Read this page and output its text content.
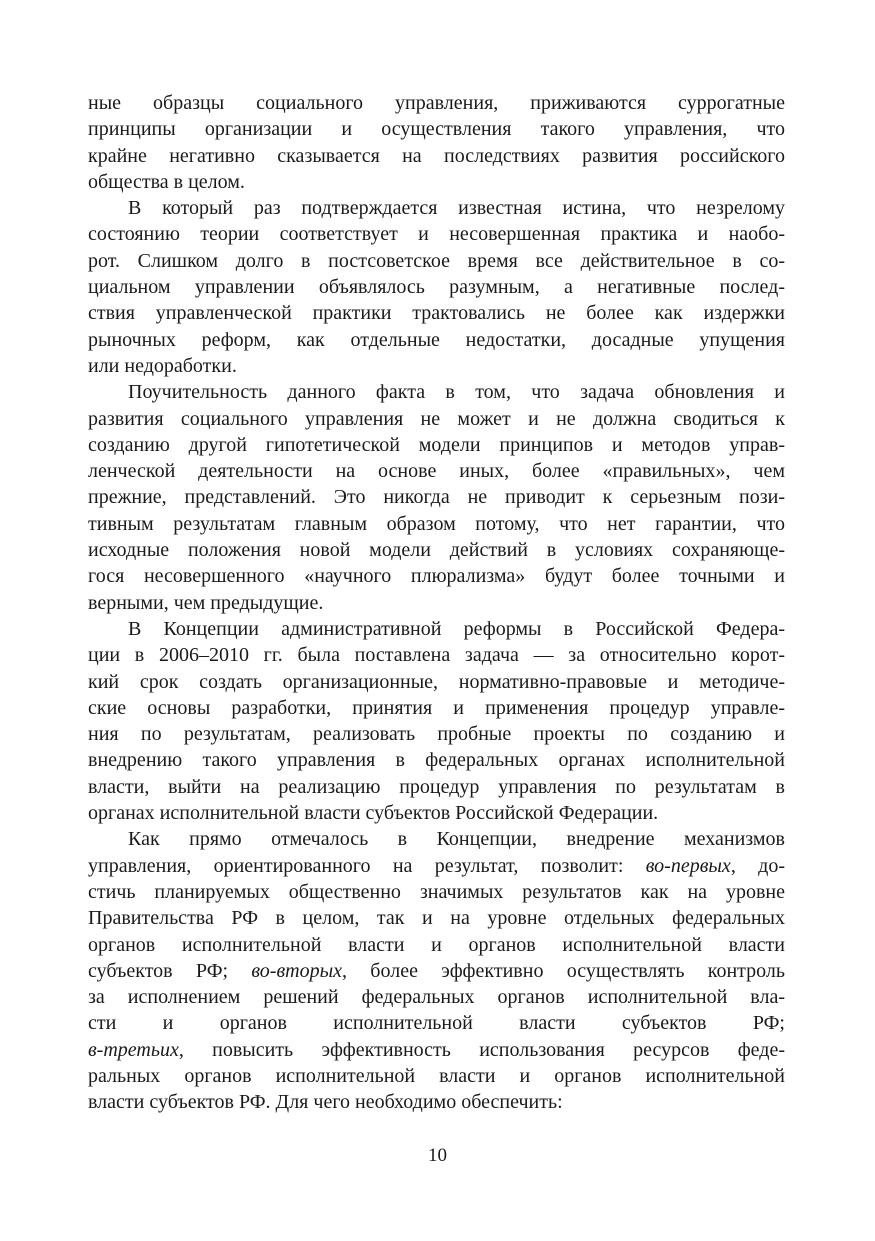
ные образцы социального управления, приживаются суррогатные
принципы организации и осуществления такого управления, что
крайне негативно сказывается на последствиях развития российского
общества в целом.
В который раз подтверждается известная истина, что незрелому
состоянию теории соответствует и несовершенная практика и наобо-
рот. Слишком долго в постсоветское время все действительное в со-
циальном управлении объявлялось разумным, а негативные послед-
ствия управленческой практики трактовались не более как издержки
рыночных реформ, как отдельные недостатки, досадные упущения
или недоработки.
Поучительность данного факта в том, что задача обновления и
развития социального управления не может и не должна сводиться к
созданию другой гипотетической модели принципов и методов управ-
ленческой деятельности на основе иных, более «правильных», чем
прежние, представлений. Это никогда не приводит к серьезным пози-
тивным результатам главным образом потому, что нет гарантии, что
исходные положения новой модели действий в условиях сохраняюще-
гося несовершенного «научного плюрализма» будут более точными и
верными, чем предыдущие.
В Концепции административной реформы в Российской Федера-
ции в 2006–2010 гг. была поставлена задача — за относительно корот-
кий срок создать организационные, нормативно-правовые и методиче-
ские основы разработки, принятия и применения процедур управле-
ния по результатам, реализовать пробные проекты по созданию и
внедрению такого управления в федеральных органах исполнительной
власти, выйти на реализацию процедур управления по результатам в
органах исполнительной власти субъектов Российской Федерации.
Как прямо отмечалось в Концепции, внедрение механизмов
управления, ориентированного на результат, позволит: во-первых, до-
стичь планируемых общественно значимых результатов как на уровне
Правительства РФ в целом, так и на уровне отдельных федеральных
органов исполнительной власти и органов исполнительной власти
субъектов РФ; во-вторых, более эффективно осуществлять контроль
за исполнением решений федеральных органов исполнительной вла-
сти и органов исполнительной власти субъектов РФ;
в-третьих, повысить эффективность использования ресурсов феде-
ральных органов исполнительной власти и органов исполнительной
власти субъектов РФ. Для чего необходимо обеспечить:
10
